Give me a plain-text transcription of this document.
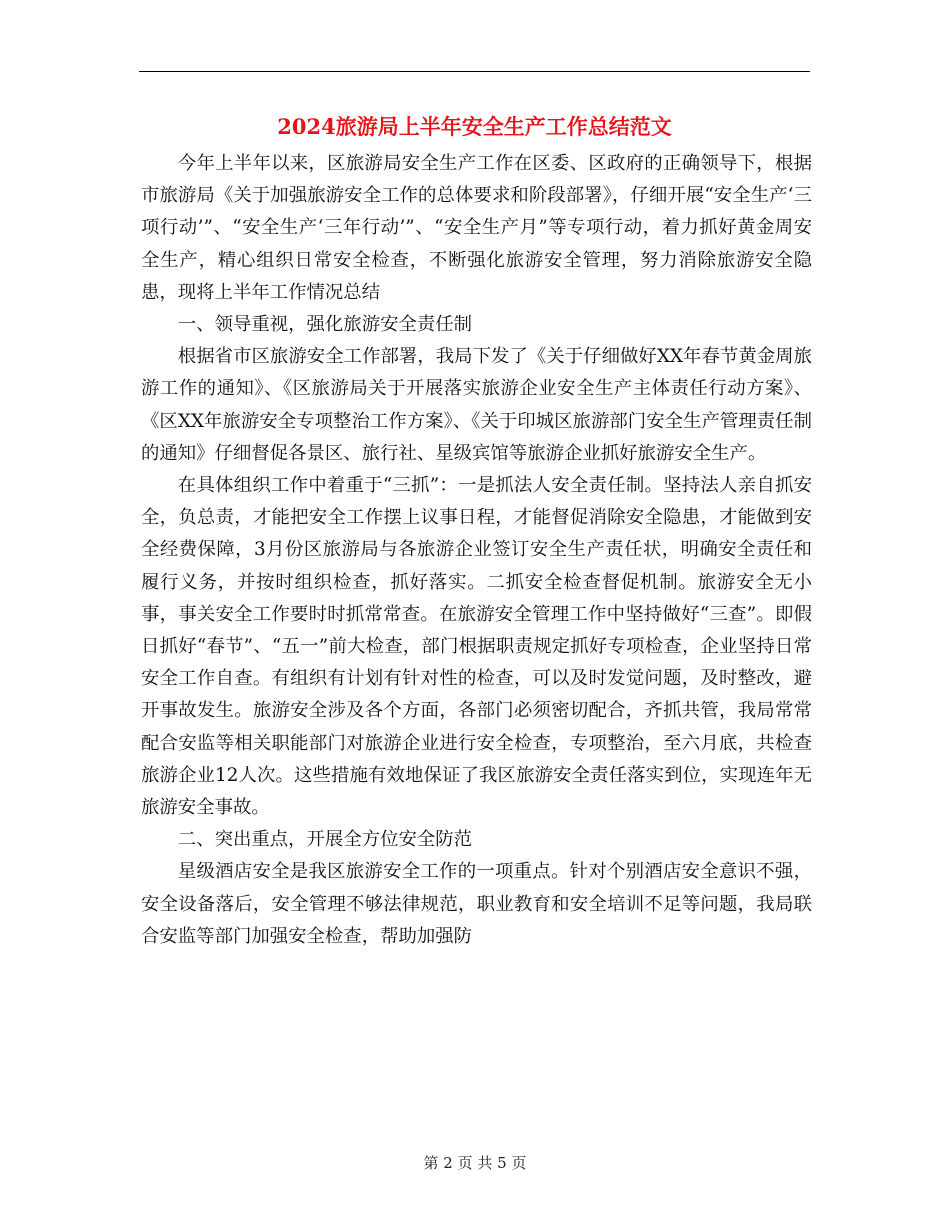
2024旅游局上半年安全生产工作总结范文

今年上半年以来，区旅游局安全生产工作在区委、区政府的正确领导下，根据市旅游局《关于加强旅游安全工作的总体要求和阶段部署》，仔细开展“安全生产‘三项行动’”、“安全生产‘三年行动’”、“安全生产月”等专项行动，着力抓好黄金周安全生产，精心组织日常安全检查，不断强化旅游安全管理，努力消除旅游安全隐患，现将上半年工作情况总结

一、领导重视，强化旅游安全责任制

根据省市区旅游安全工作部署，我局下发了《关于仔细做好XX年春节黄金周旅游工作的通知》、《区旅游局关于开展落实旅游企业安全生产主体责任行动方案》、《区XX年旅游安全专项整治工作方案》、《关于印城区旅游部门安全生产管理责任制的通知》仔细督促各景区、旅行社、星级宾馆等旅游企业抓好旅游安全生产。

在具体组织工作中着重于“三抓”：一是抓法人安全责任制。坚持法人亲自抓安全，负总责，才能把安全工作摆上议事日程，才能督促消除安全隐患，才能做到安全经费保障，3月份区旅游局与各旅游企业签订安全生产责任状，明确安全责任和履行义务，并按时组织检查，抓好落实。二抓安全检查督促机制。旅游安全无小事，事关安全工作要时时抓常常查。在旅游安全管理工作中坚持做好“三查”。即假日抓好“春节”、“五一”前大检查，部门根据职责规定抓好专项检查，企业坚持日常安全工作自查。有组织有计划有针对性的检查，可以及时发觉问题，及时整改，避开事故发生。旅游安全涉及各个方面，各部门必须密切配合，齐抓共管，我局常常配合安监等相关职能部门对旅游企业进行安全检查，专项整治，至六月底，共检查旅游企业12人次。这些措施有效地保证了我区旅游安全责任落实到位，实现连年无旅游安全事故。

二、突出重点，开展全方位安全防范

星级酒店安全是我区旅游安全工作的一项重点。针对个别酒店安全意识不强，安全设备落后，安全管理不够法律规范，职业教育和安全培训不足等问题，我局联合安监等部门加强安全检查，帮助加强防

第 2 页 共 5 页
